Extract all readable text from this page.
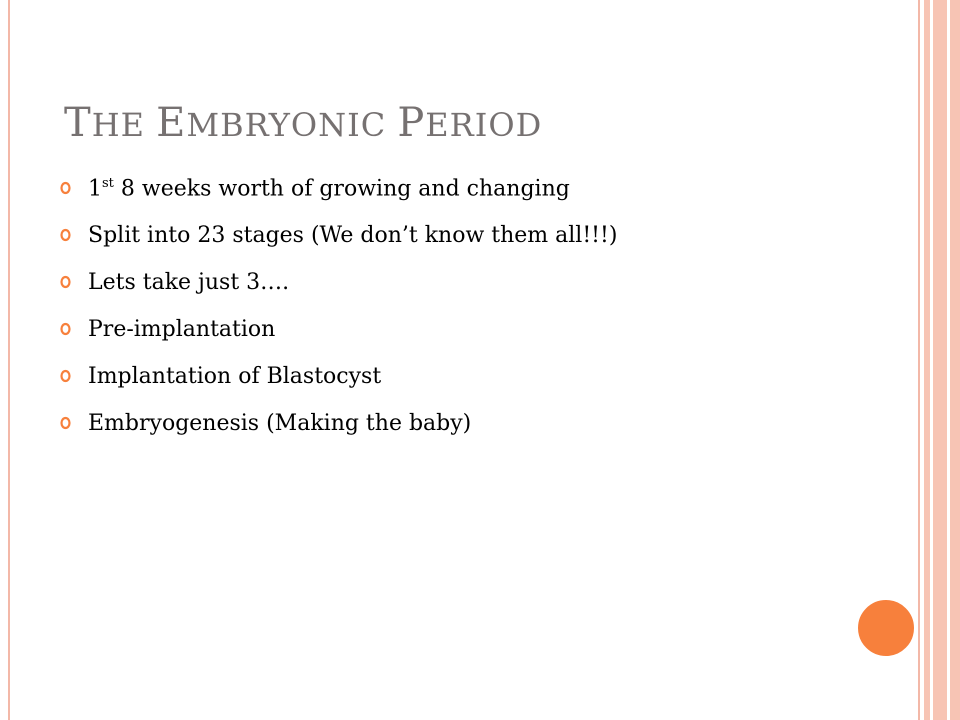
THE EMBRYONIC PERIOD
1st 8 weeks worth of growing and changing
Split into 23 stages (We don’t know them all!!!)
Lets take just 3….
Pre-implantation
Implantation of Blastocyst
Embryogenesis (Making the baby)
